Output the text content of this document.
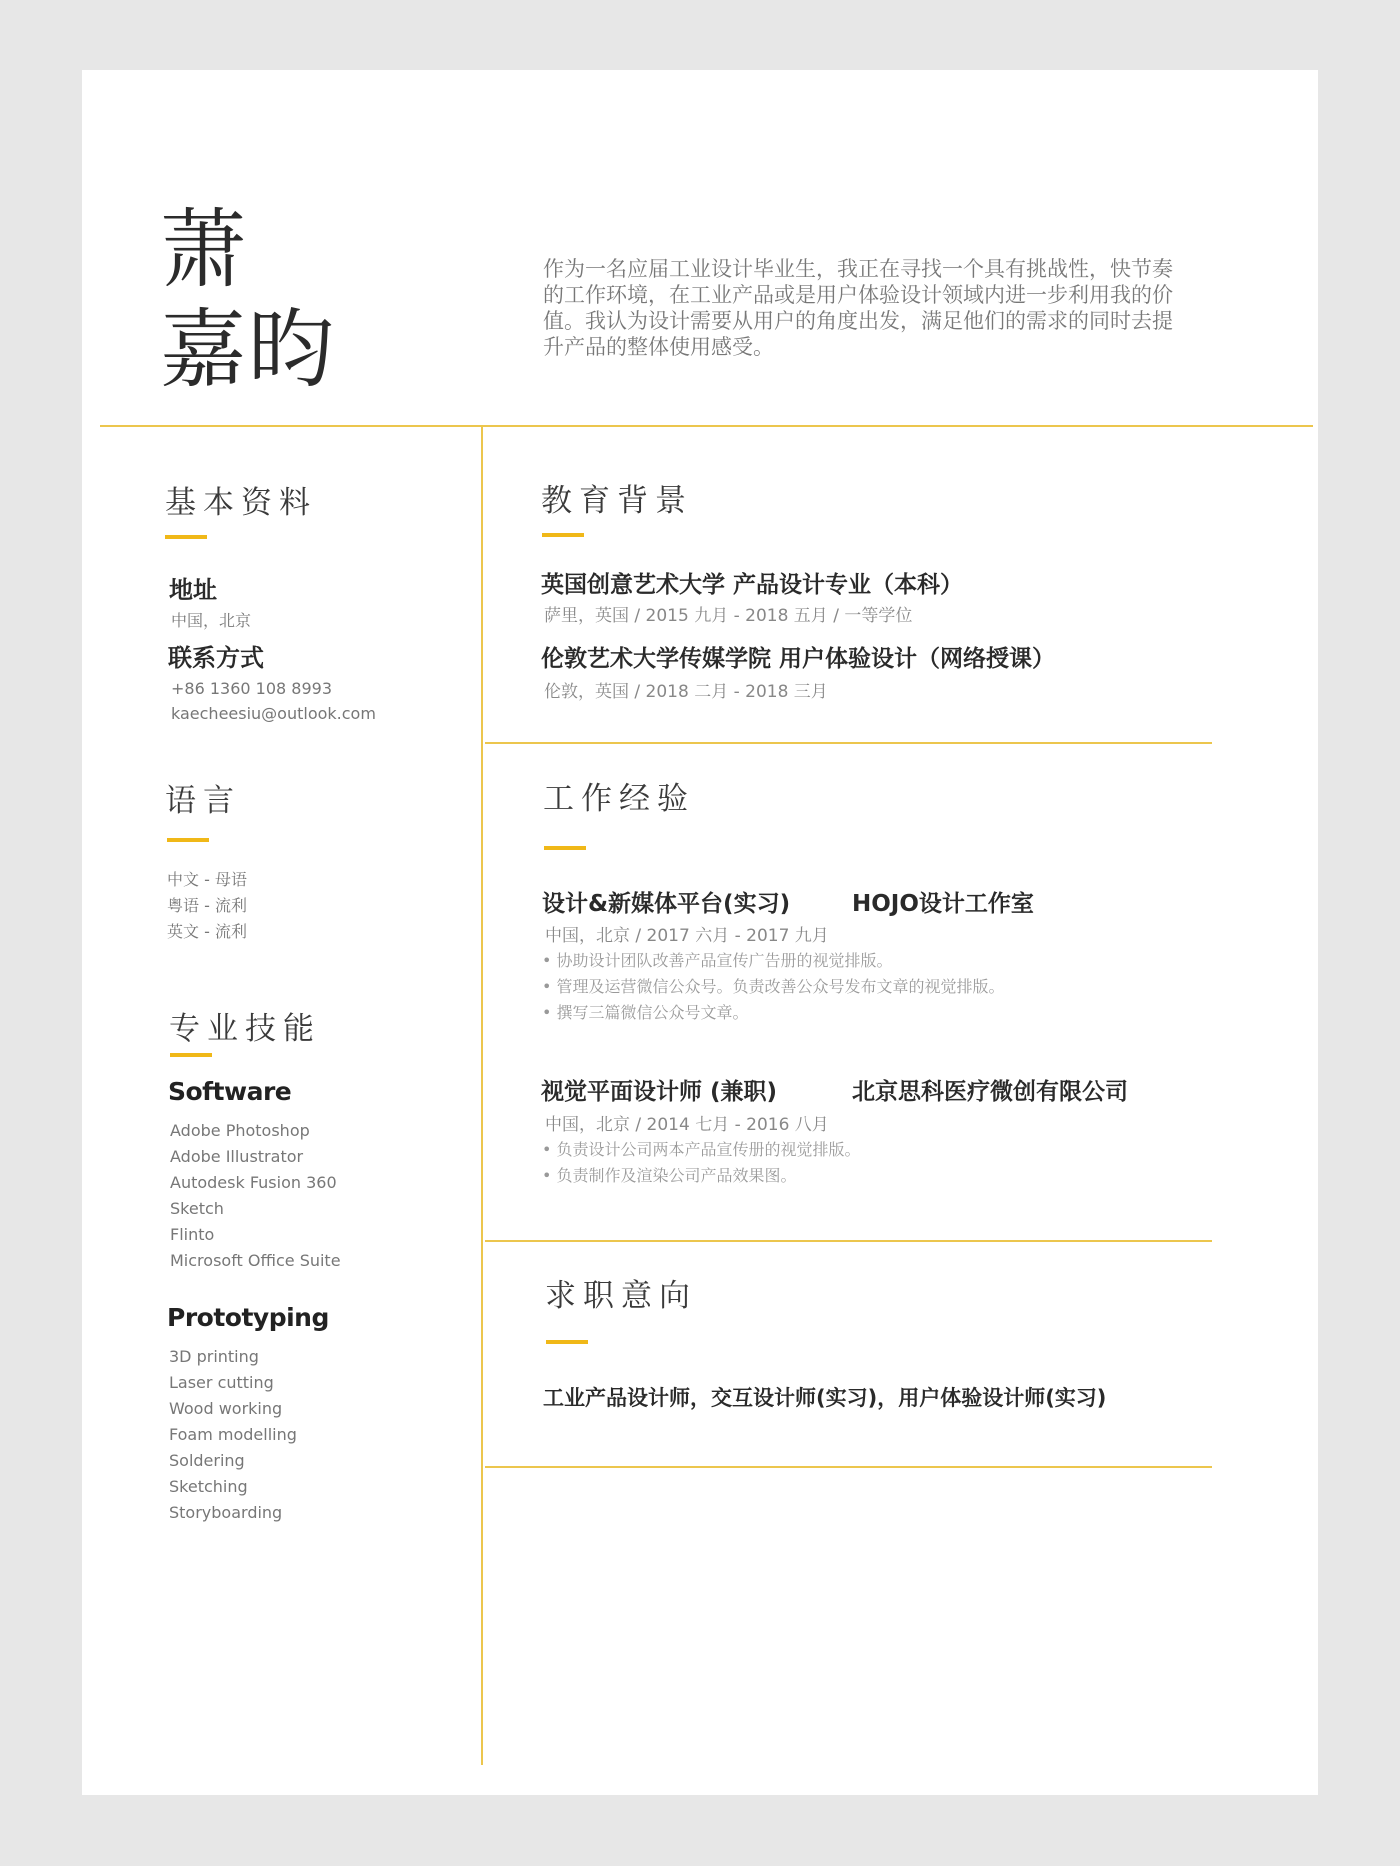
萧
嘉昀
作为一名应届工业设计毕业生，我正在寻找一个具有挑战性，快节奏的工作环境，在工业产品或是用户体验设计领域内进一步利用我的价值。我认为设计需要从用户的角度出发，满足他们的需求的同时去提升产品的整体使用感受。
基本资料
地址
中国，北京
联系方式
+86 1360 108 8993
kaecheesiu@outlook.com
语言
中文 - 母语
粤语 - 流利
英文 - 流利
专业技能
Software
Adobe Photoshop
Adobe Illustrator
Autodesk Fusion 360
Sketch
Flinto
Microsoft Office Suite
Prototyping
3D printing
Laser cutting
Wood working
Foam modelling
Soldering
Sketching
Storyboarding
教育背景
英国创意艺术大学 产品设计专业（本科）
萨里，英国 / 2015 九月 - 2018 五月 / 一等学位
伦敦艺术大学传媒学院 用户体验设计（网络授课）
伦敦，英国 / 2018 二月 - 2018 三月
工作经验
设计&新媒体平台(实习)	HOJO设计工作室
中国，北京 / 2017 六月 - 2017 九月
• 协助设计团队改善产品宣传广告册的视觉排版。
• 管理及运营微信公众号。负责改善公众号发布文章的视觉排版。
• 撰写三篇微信公众号文章。
视觉平面设计师 (兼职)	北京思科医疗微创有限公司
中国，北京 / 2014 七月 - 2016 八月
• 负责设计公司两本产品宣传册的视觉排版。
• 负责制作及渲染公司产品效果图。
求职意向
工业产品设计师，交互设计师(实习)，用户体验设计师(实习)
